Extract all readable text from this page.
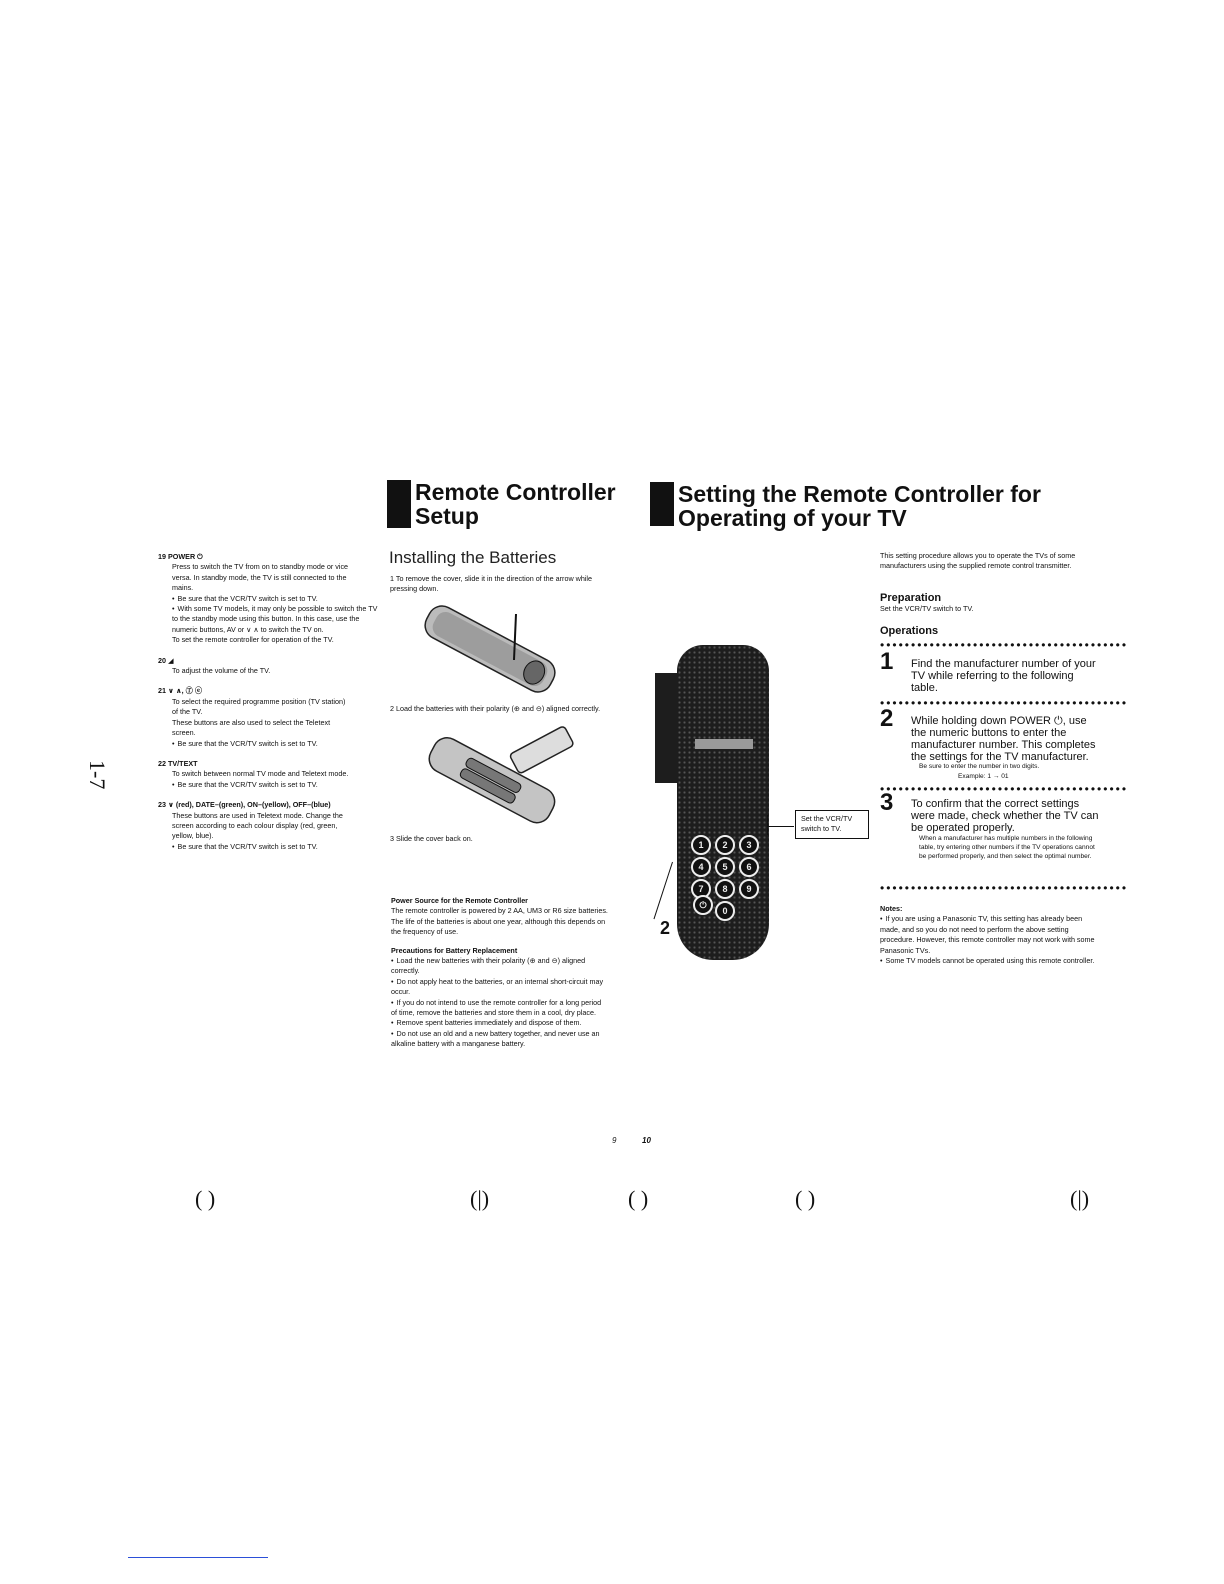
1-7
19 POWER ⏻
Press to switch the TV from on to standby mode or vice
versa. In standby mode, the TV is still connected to the
mains.
• Be sure that the VCR/TV switch is set to TV.
• With some TV models, it may only be possible to switch the TV to the standby mode using this button. In this case, use the numeric buttons, AV or ∨ ∧ to switch the TV on.
To set the remote controller for operation of the TV.
20 ◢
To adjust the volume of the TV.
21 ∨ ∧, Ⓣ ⓔ
To select the required programme position (TV station)
of the TV.
These buttons are also used to select the Teletext
screen.
• Be sure that the VCR/TV switch is set to TV.
22 TV/TEXT
To switch between normal TV mode and Teletext mode.
• Be sure that the VCR/TV switch is set to TV.
23 ∨ (red), DATE–(green), ON–(yellow), OFF–(blue)
These buttons are used in Teletext mode. Change the
screen according to each colour display (red, green,
yellow, blue).
• Be sure that the VCR/TV switch is set to TV.
Remote Controller
Setup
Installing the Batteries
1 To remove the cover, slide it in the direction of the arrow while pressing down.
2 Load the batteries with their polarity (⊕ and ⊖) aligned correctly.
3 Slide the cover back on.
Power Source for the Remote Controller
The remote controller is powered by 2 AA, UM3 or R6 size batteries. The life of the batteries is about one year, although this depends on the frequency of use.
Precautions for Battery Replacement
• Load the new batteries with their polarity (⊕ and ⊖) aligned correctly.
• Do not apply heat to the batteries, or an internal short-circuit may occur.
• If you do not intend to use the remote controller for a long period of time, remove the batteries and store them in a cool, dry place.
• Remove spent batteries immediately and dispose of them.
• Do not use an old and a new battery together, and never use an alkaline battery with a manganese battery.
Setting the Remote Controller for
Operating of your TV
1	2	3
4	5	6
7	8	9
0
⏻
Set the VCR/TV switch to TV.
2
This setting procedure allows you to operate the TVs of some manufacturers using the supplied remote control transmitter.
Preparation
Set the VCR/TV switch to TV.
Operations
••••••••••••••••••••••••••••••••••••••••
1 Find the manufacturer number of your TV while referring to the following table.
••••••••••••••••••••••••••••••••••••••••
2 While holding down POWER ⏻, use the numeric buttons to enter the manufacturer number. This completes the settings for the TV manufacturer.
Be sure to enter the number in two digits.
Example: 1 → 01
••••••••••••••••••••••••••••••••••••••••
3 To confirm that the correct settings were made, check whether the TV can be operated properly.
When a manufacturer has multiple numbers in the following table, try entering other numbers if the TV operations cannot be performed properly, and then select the optimal number.
••••••••••••••••••••••••••••••••••••••••
Notes:
• If you are using a Panasonic TV, this setting has already been made, and so you do not need to perform the above setting procedure. However, this remote controller may not work with some Panasonic TVs.
• Some TV models cannot be operated using this remote controller.
9	10
( )	(|)	( )	( )	(|)
